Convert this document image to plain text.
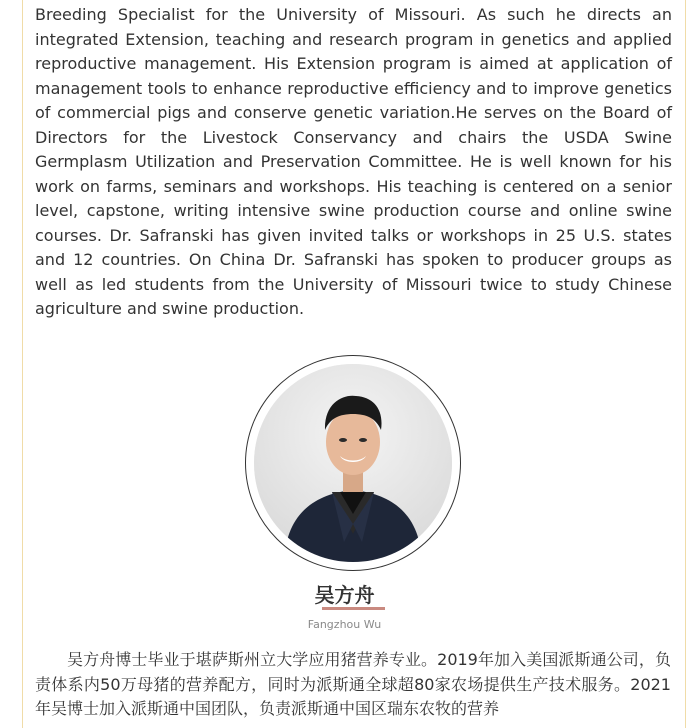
Breeding Specialist for the University of Missouri. As such he directs an integrated Extension, teaching and research program in genetics and applied reproductive management. His Extension program is aimed at application of management tools to enhance reproductive efficiency and to improve genetics of commercial pigs and conserve genetic variation.He serves on the Board of Directors for the Livestock Conservancy and chairs the USDA Swine Germplasm Utilization and Preservation Committee. He is well known for his work on farms, seminars and workshops. His teaching is centered on a senior level, capstone, writing intensive swine production course and online swine courses. Dr. Safranski has given invited talks or workshops in 25 U.S. states and 12 countries. On China Dr. Safranski has spoken to producer groups as well as led students from the University of Missouri twice to study Chinese agriculture and swine production.

吴方舟
Fangzhou Wu

吴方舟博士毕业于堪萨斯州立大学应用猪营养专业。2019年加入美国派斯通公司，负责体系内50万母猪的营养配方，同时为派斯通全球超80家农场提供生产技术服务。2021年吴博士加入派斯通中国团队，负责派斯通中国区瑞东农牧的营养
